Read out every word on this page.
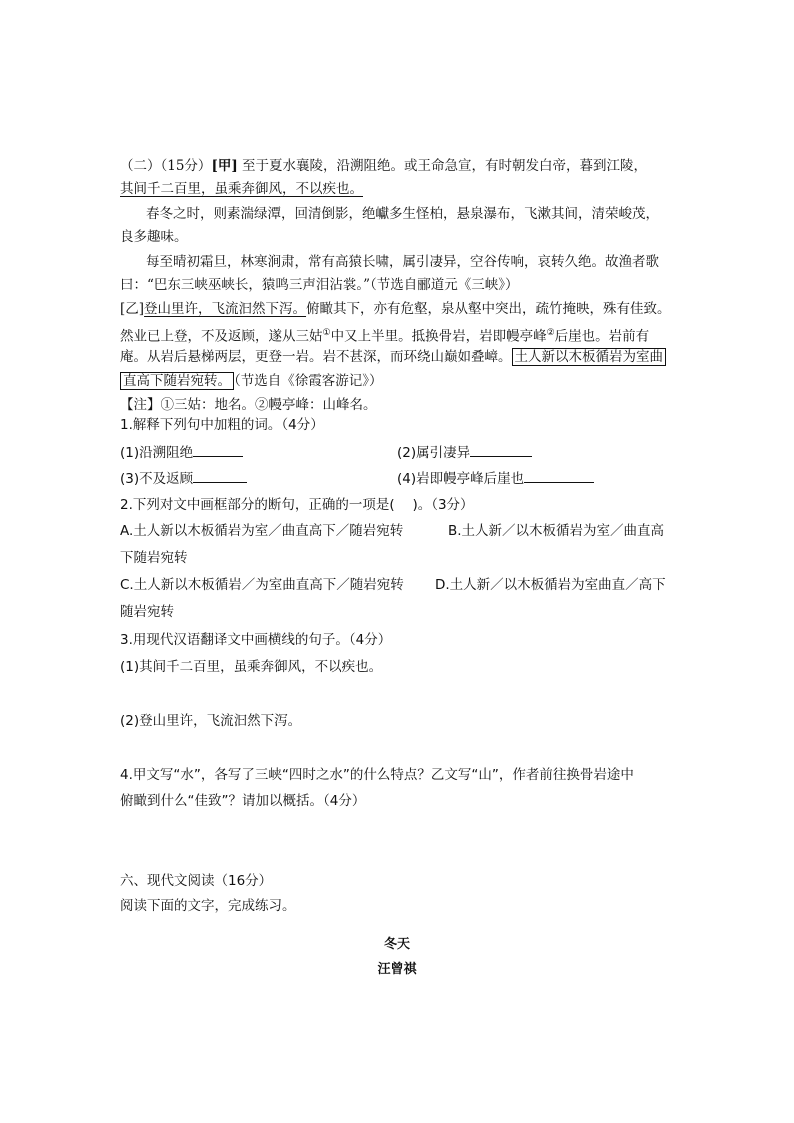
（二）（15分）[甲] 至于夏水襄陵，沿溯阻绝。或王命急宣，有时朝发白帝，暮到江陵，
其间千二百里，虽乘奔御风，不以疾也。
春冬之时，则素湍绿潭，回清倒影，绝巘多生怪柏，悬泉瀑布，飞漱其间，清荣峻茂，
良多趣味。
每至晴初霜旦，林寒涧肃，常有高猿长啸，属引凄异，空谷传响，哀转久绝。故渔者歌
曰：“巴东三峡巫峡长，猿鸣三声泪沾裳。”（节选自郦道元《三峡》）
[乙]登山里许，飞流汩然下泻。俯瞰其下，亦有危壑，泉从壑中突出，疏竹掩映，殊有佳致。
然业已上登，不及返顾，遂从三姑①中又上半里。抵换骨岩，岩即幔亭峰②后崖也。岩前有
庵。从岩后悬梯两层，更登一岩。岩不甚深，而环绕山巅如叠嶂。 土人新以木板循岩为室曲
直高下随岩宛转。 （节选自《徐霞客游记》）
【注】①三姑：地名。②幔亭峰：山峰名。
1.解释下列句中加粗的词。（4分）
(1)沿溯阻绝	(2)属引凄异
(3)不及返顾	(4)岩即幔亭峰后崖也
2.下列对文中画框部分的断句，正确的一项是(　 )。（3分）
A.土人新以木板循岩为室／曲直高下／随岩宛转	B.土人新／以木板循岩为室／曲直高
下随岩宛转
C.土人新以木板循岩／为室曲直高下／随岩宛转 D.土人新／以木板循岩为室曲直／高下
随岩宛转
3.用现代汉语翻译文中画横线的句子。（4分）
(1)其间千二百里，虽乘奔御风，不以疾也。
(2)登山里许，飞流汩然下泻。
4.甲文写“水”，各写了三峡“四时之水”的什么特点？乙文写“山”，作者前往换骨岩途中
俯瞰到什么“佳致”？请加以概括。（4分）
六、现代文阅读（16分）
阅读下面的文字，完成练习。
冬天
汪曾祺
